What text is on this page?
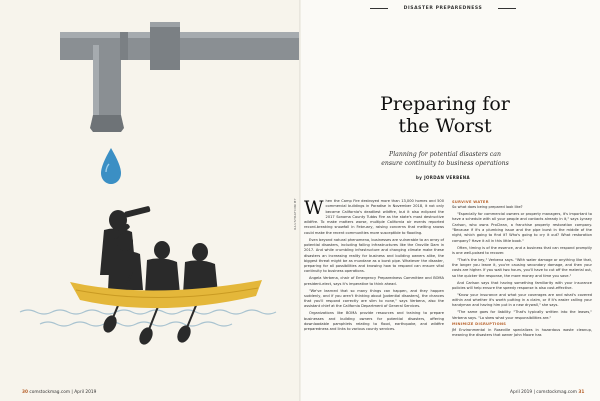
DISASTER PREPAREDNESS
ILLUSTRATION BY
Preparing for
the Worst
Planning for potential disasters can
ensure continuity to business operations
by JORDAN VERBENA
W hen the Camp Fire destroyed more than 13,000 homes and 500 commercial buildings in Paradise in November 2018, it not only became California's deadliest wildfire, but it also eclipsed the 2017 Sonoma County Tubbs Fire as the state's most destructive wildfire. To make matters worse, multiple California air events reported record-breaking snowfall in February, raising concerns that melting snows could make the recent communities more susceptible to flooding.

Even beyond natural phenomena, businesses are vulnerable to an array of potential disasters, including failing infrastructures like the Oroville Dam in 2017. And while crumbling infrastructure and changing climate make these disasters an increasing reality for business and building owners alike, the biggest threat might be as mundane as a burst pipe. Whatever the disaster, preparing for all possibilities and knowing how to respond can ensure vital continuity to business operations.

Angela Verbena, chair of Emergency Preparedness Committee and BOMA president-elect, says it's imperative to think ahead.

"We've learned that so many things can happen, and they happen suddenly, and if you aren't thinking about [potential disasters], the chances that you'll respond correctly are slim to none," says Verbena, also the assistant chief at the California Department of General Services.

Organizations like BOMA provide resources and training to prepare businesses and building owners for potential disasters, offering downloadable pamphlets relating to flood, earthquake, and wildfire preparedness and links to various county services.

SURVIVE WATER

So what does being prepared look like?

"Especially for commercial owners or property managers, it's important to have a schedule with all your people and contacts already in it," says Lynsey Carlson, who owns ProClean, a franchise property restoration company. "Because if it's a plumbing issue and the pipe burst in the middle of the night, which going to find it? Who's going to cry it out? What restoration company? Have it all in this little book."

Often, timing is of the essence, and a business that can respond promptly is one well-poised to recover.

"That's the key," Verbena says. "With water damage or anything like that, the longer you leave it, you're causing secondary damage, and then your costs are higher. If you wait two hours, you'll have to cut off the material out, so the quicker the response, the more money and time you save."

And Carlson says that having something familiarity with your insurance policies will help ensure the speedy response is also cost-effective.

"Know your insurance and what your coverages are and what's covered within and whether it's worth putting in a claim, or if it's easier calling your handyman and having him put in a new drywall," she says.

"The same goes for liability. "That's typically written into the leases," Verbena says. "Lo skew what your responsibilities are."

MINIMIZE DISRUPTIONS

JM Environmental in Roseville specializes in hazardous waste cleanup, meaning the disasters that owner John Moore has

30 comstockmag.com | April 2019	April 2019 | comstockmag.com 31
